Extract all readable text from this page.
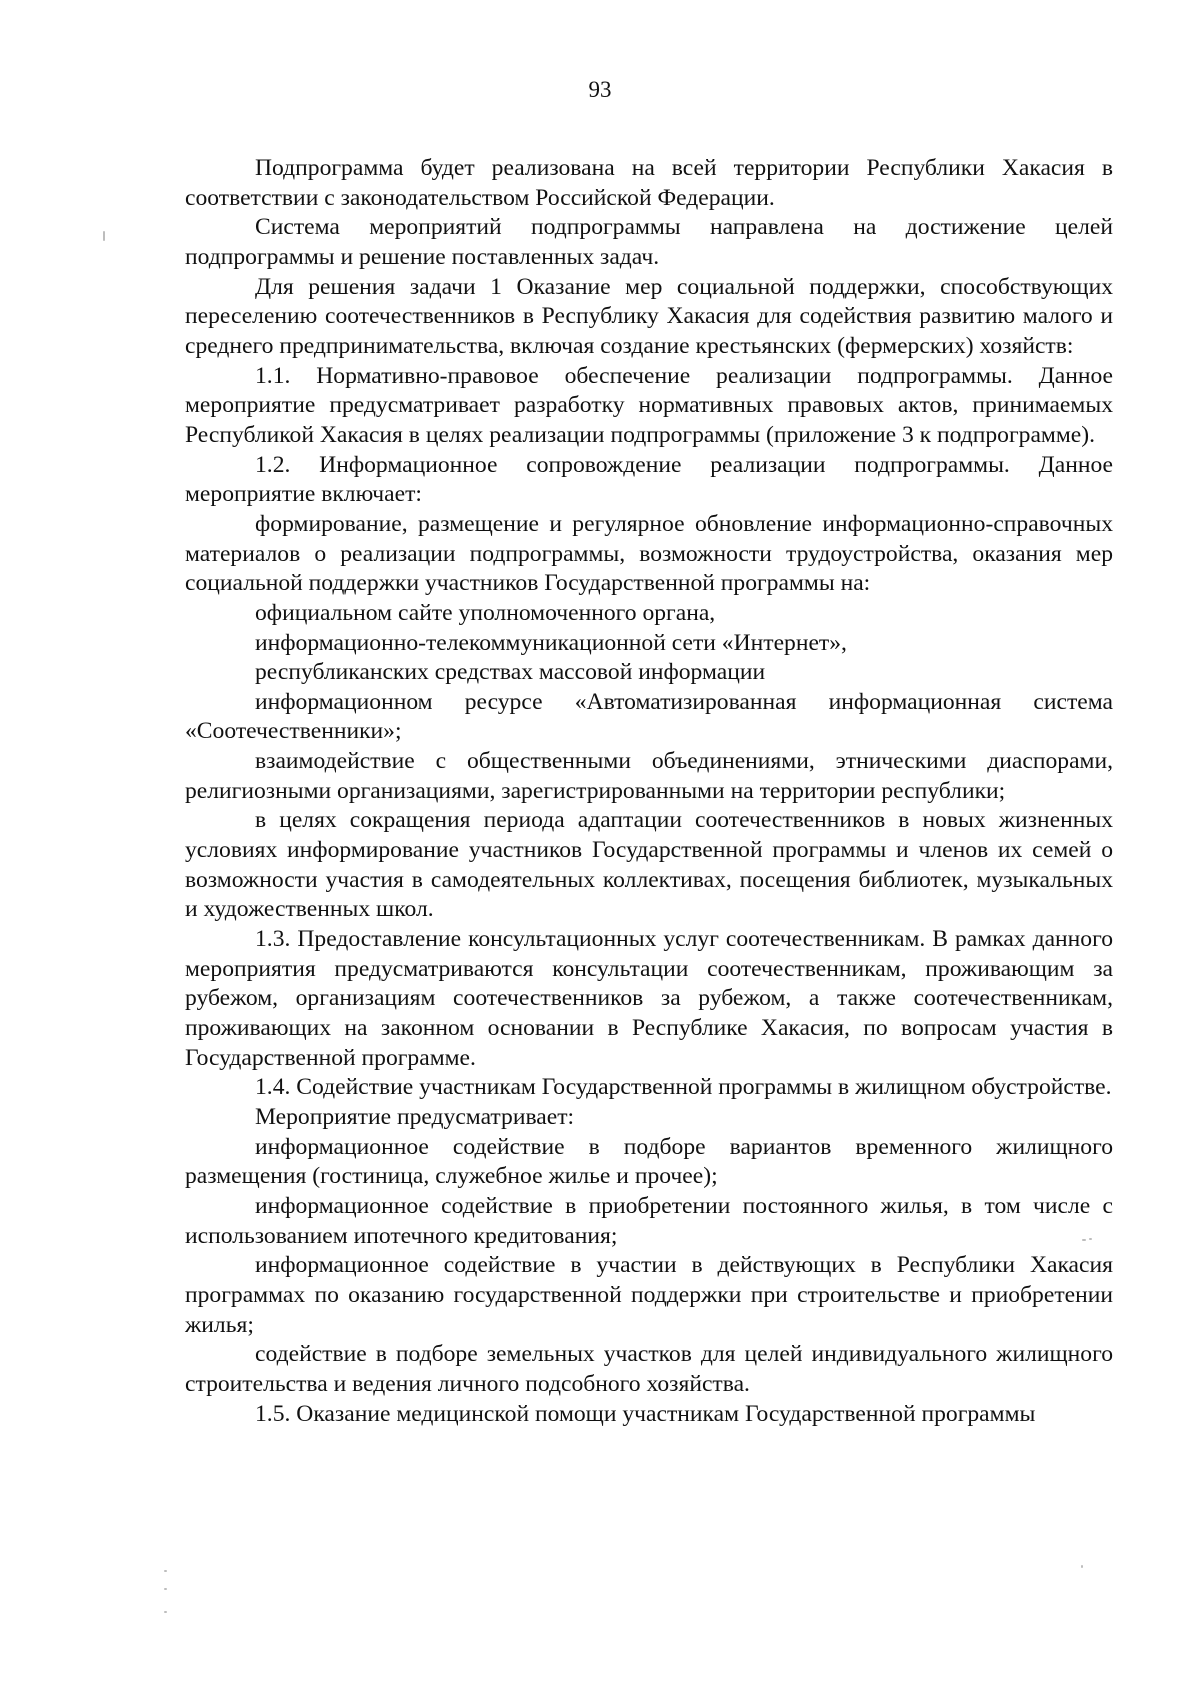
93

Подпрограмма будет реализована на всей территории Республики Хакасия в соответствии с законодательством Российской Федерации.

Система мероприятий подпрограммы направлена на достижение целей подпрограммы и решение поставленных задач.

Для решения задачи 1 Оказание мер социальной поддержки, способствующих переселению соотечественников в Республику Хакасия для содействия развитию малого и среднего предпринимательства, включая создание крестьянских (фермерских) хозяйств:

1.1. Нормативно-правовое обеспечение реализации подпрограммы. Данное мероприятие предусматривает разработку нормативных правовых актов, принимаемых Республикой Хакасия в целях реализации подпрограммы (приложение 3 к подпрограмме).

1.2. Информационное сопровождение реализации подпрограммы. Данное мероприятие включает:

формирование, размещение и регулярное обновление информационно-справочных материалов о реализации подпрограммы, возможности трудоустройства, оказания мер социальной поддержки участников Государственной программы на:

официальном сайте уполномоченного органа,

информационно-телекоммуникационной сети «Интернет»,

республиканских средствах массовой информации

информационном ресурсе «Автоматизированная информационная система «Соотечественники»;

взаимодействие с общественными объединениями, этническими диаспорами, религиозными организациями, зарегистрированными на территории республики;

в целях сокращения периода адаптации соотечественников в новых жизненных условиях информирование участников Государственной программы и членов их семей о возможности участия в самодеятельных коллективах, посещения библиотек, музыкальных и художественных школ.

1.3. Предоставление консультационных услуг соотечественникам. В рамках данного мероприятия предусматриваются консультации соотечественникам, проживающим за рубежом, организациям соотечественников за рубежом, а также соотечественникам, проживающих на законном основании в Республике Хакасия, по вопросам участия в Государственной программе.

1.4. Содействие участникам Государственной программы в жилищном обустройстве.

Мероприятие предусматривает:

информационное содействие в подборе вариантов временного жилищного размещения (гостиница, служебное жилье и прочее);

информационное содействие в приобретении постоянного жилья, в том числе с использованием ипотечного кредитования;

информационное содействие в участии в действующих в Республики Хакасия программах по оказанию государственной поддержки при строительстве и приобретении жилья;

содействие в подборе земельных участков для целей индивидуального жилищного строительства и ведения личного подсобного хозяйства.

1.5. Оказание медицинской помощи участникам Государственной программы
